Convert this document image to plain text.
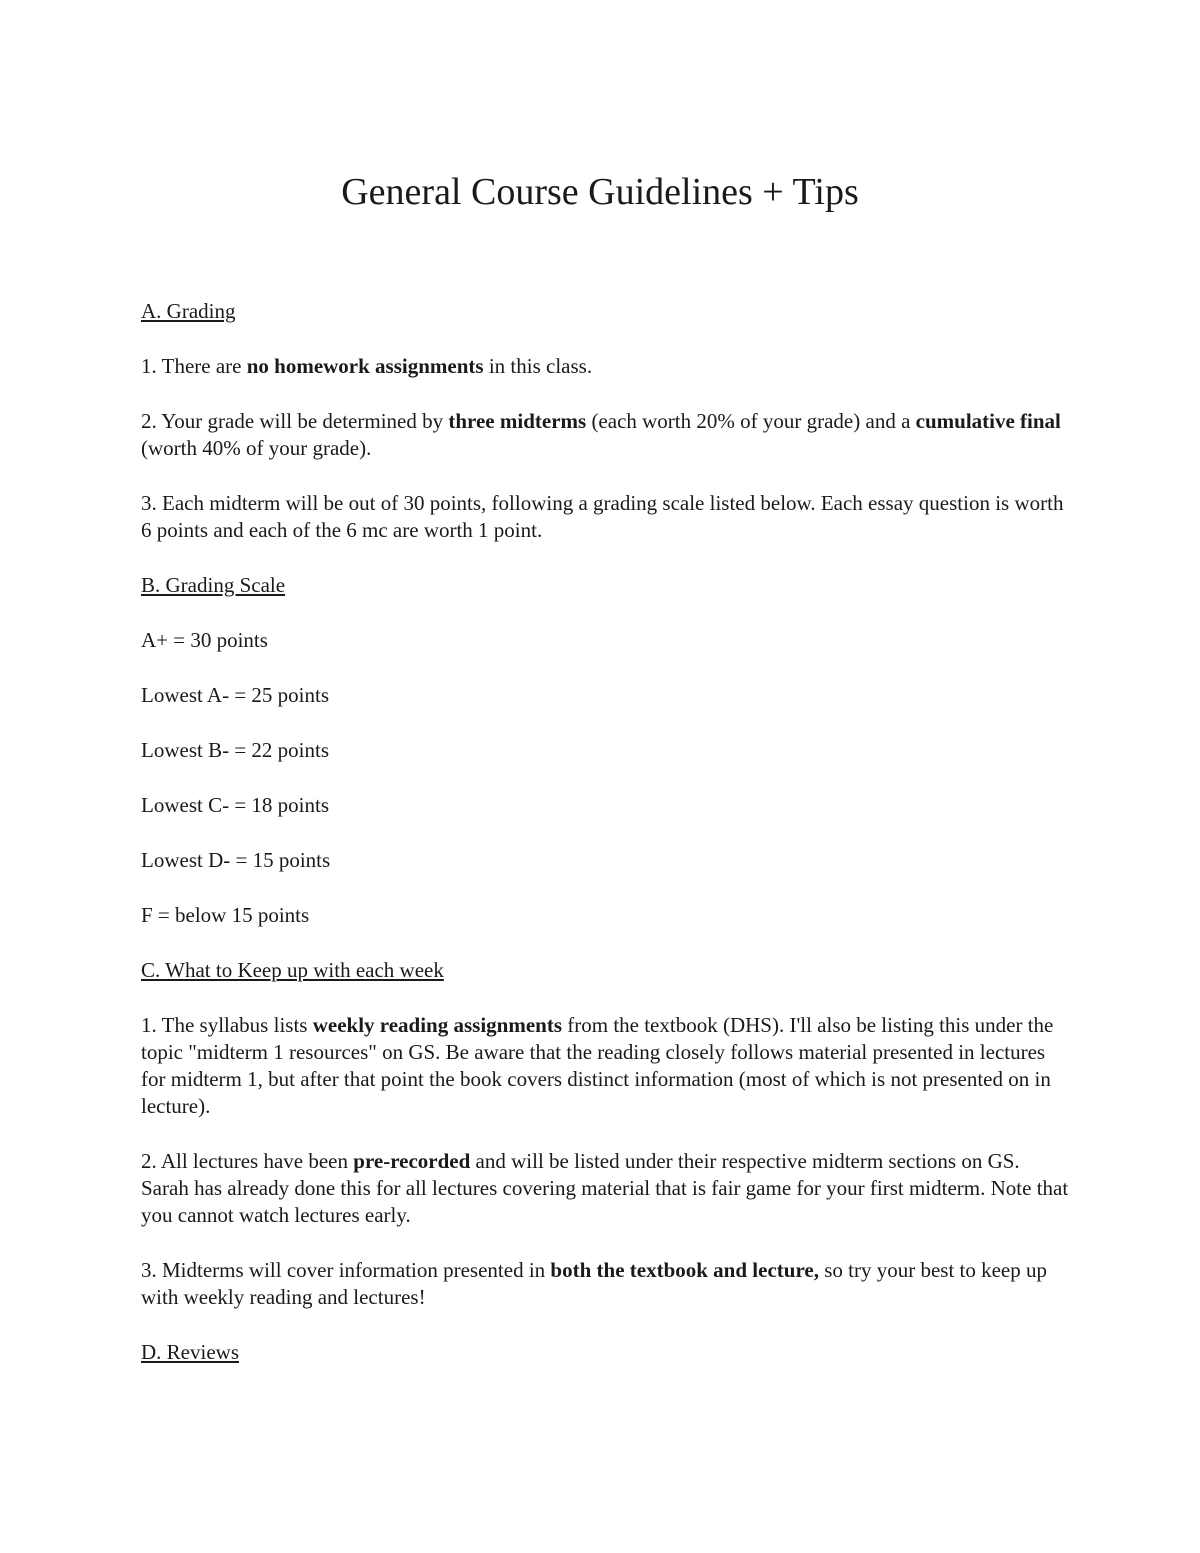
General Course Guidelines + Tips

A. Grading

1. There are no homework assignments in this class.

2. Your grade will be determined by three midterms (each worth 20% of your grade) and a cumulative final (worth 40% of your grade).

3. Each midterm will be out of 30 points, following a grading scale listed below. Each essay question is worth 6 points and each of the 6 mc are worth 1 point.

B. Grading Scale

A+ = 30 points

Lowest A- = 25 points

Lowest B- = 22 points

Lowest C- = 18 points

Lowest D- = 15 points

F = below 15 points

C. What to Keep up with each week

1. The syllabus lists weekly reading assignments from the textbook (DHS). I'll also be listing this under the topic "midterm 1 resources" on GS. Be aware that the reading closely follows material presented in lectures for midterm 1, but after that point the book covers distinct information (most of which is not presented on in lecture).

2. All lectures have been pre-recorded and will be listed under their respective midterm sections on GS. Sarah has already done this for all lectures covering material that is fair game for your first midterm. Note that you cannot watch lectures early.

3. Midterms will cover information presented in both the textbook and lecture, so try your best to keep up with weekly reading and lectures!

D. Reviews
